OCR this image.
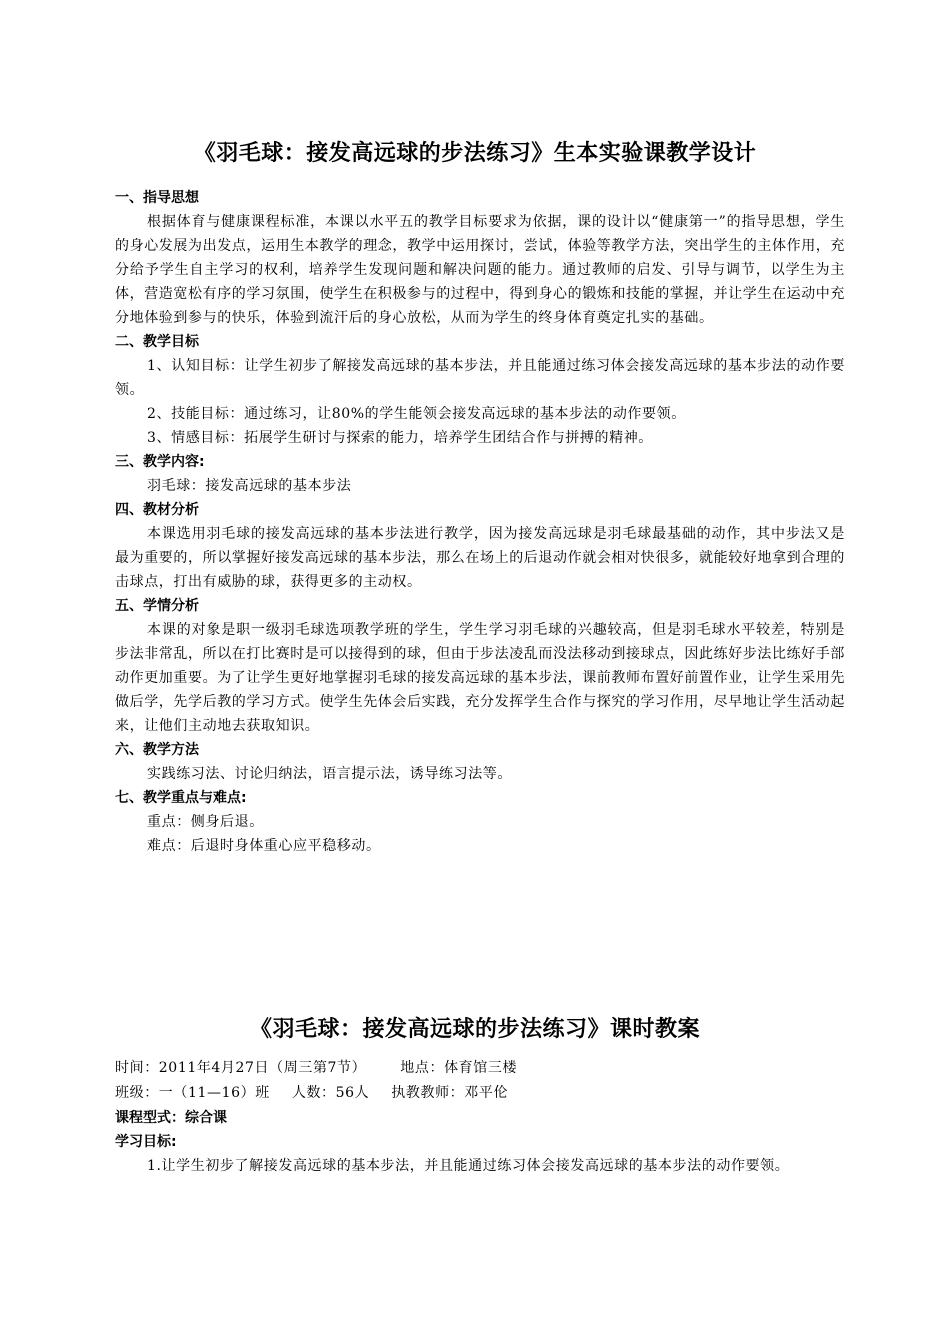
《羽毛球：接发高远球的步法练习》生本实验课教学设计

一、指导思想

根据体育与健康课程标准，本课以水平五的教学目标要求为依据，课的设计以“健康第一”的指导思想，学生的身心发展为出发点，运用生本教学的理念，教学中运用探讨，尝试，体验等教学方法，突出学生的主体作用，充分给予学生自主学习的权利，培养学生发现问题和解决问题的能力。通过教师的启发、引导与调节，以学生为主体，营造宽松有序的学习氛围，使学生在积极参与的过程中，得到身心的锻炼和技能的掌握，并让学生在运动中充分地体验到参与的快乐，体验到流汗后的身心放松，从而为学生的终身体育奠定扎实的基础。

二、教学目标

1、认知目标：让学生初步了解接发高远球的基本步法，并且能通过练习体会接发高远球的基本步法的动作要领。

2、技能目标：通过练习，让80%的学生能领会接发高远球的基本步法的动作要领。

3、情感目标：拓展学生研讨与探索的能力，培养学生团结合作与拼搏的精神。

三、教学内容:

羽毛球：接发高远球的基本步法

四、教材分析

本课选用羽毛球的接发高远球的基本步法进行教学，因为接发高远球是羽毛球最基础的动作，其中步法又是最为重要的，所以掌握好接发高远球的基本步法，那么在场上的后退动作就会相对快很多，就能较好地拿到合理的击球点，打出有威胁的球，获得更多的主动权。

五、学情分析

本课的对象是职一级羽毛球选项教学班的学生，学生学习羽毛球的兴趣较高，但是羽毛球水平较差，特别是步法非常乱，所以在打比赛时是可以接得到的球，但由于步法凌乱而没法移动到接球点，因此练好步法比练好手部动作更加重要。为了让学生更好地掌握羽毛球的接发高远球的基本步法，课前教师布置好前置作业，让学生采用先做后学，先学后教的学习方式。使学生先体会后实践，充分发挥学生合作与探究的学习作用，尽早地让学生活动起来，让他们主动地去获取知识。

六、教学方法

实践练习法、讨论归纳法，语言提示法，诱导练习法等。

七、教学重点与难点:

重点：侧身后退。

难点：后退时身体重心应平稳移动。

《羽毛球：接发高远球的步法练习》课时教案

时间：2011年4月27日（周三第7节） 地点：体育馆三楼

班级：一（11—16）班 人数：56人 执教教师：邓平伦

课程型式：综合课

学习目标:

1.让学生初步了解接发高远球的基本步法，并且能通过练习体会接发高远球的基本步法的动作要领。
